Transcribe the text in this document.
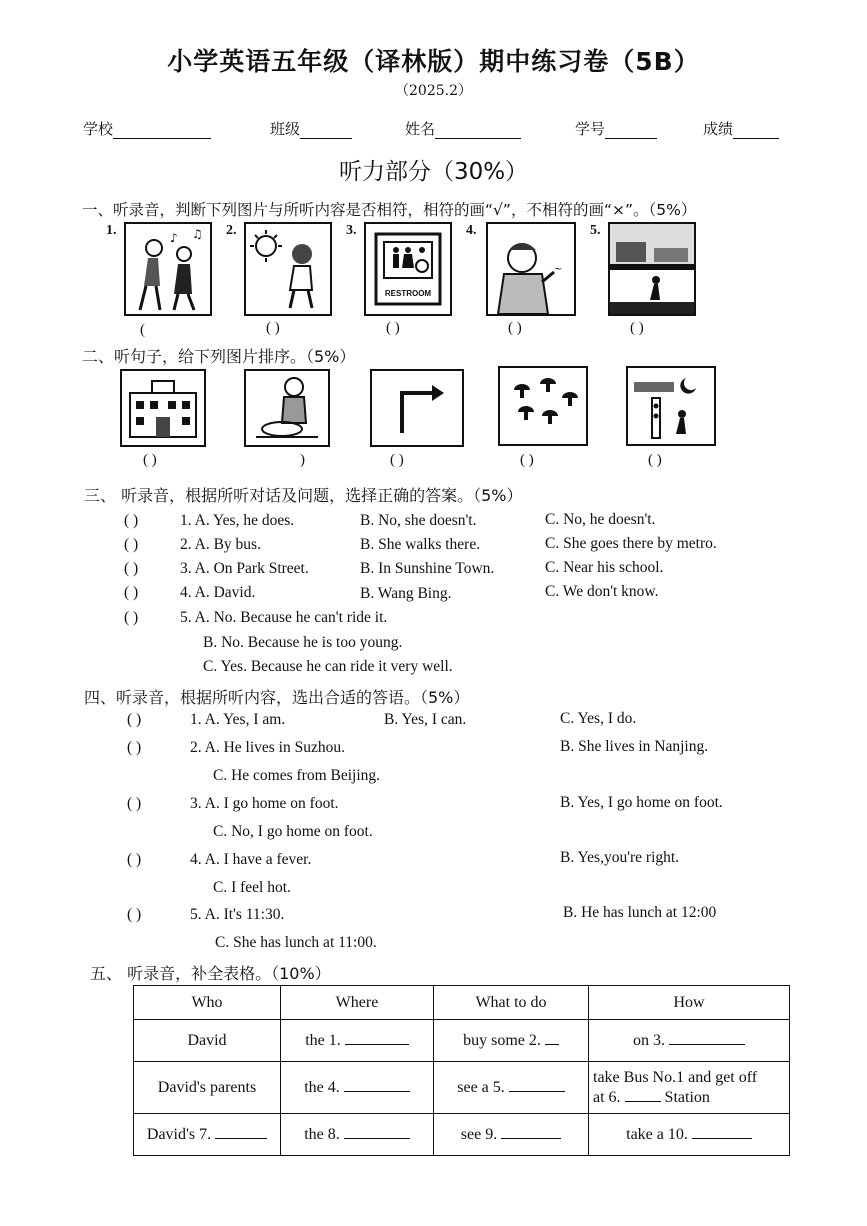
小学英语五年级（译林版）期中练习卷（5B）
（2025.2）
学校	班级	姓名	学号	成绩
听力部分（30%）
一、听录音，判断下列图片与所听内容是否相符，相符的画“√”，不相符的画“×”。（5%）
1.	♪ ♫
(
2.
( )
3.
RESTROOM
( )
4.
~
( )
5.
( )
二、听句子，给下列图片排序。（5%）
( )	)	( )	( )	( )
三、 听录音，根据所听对话及问题，选择正确的答案。（5%）
( )	1. A. Yes, he does.	B. No, she doesn't.	C. No, he doesn't.
( )	2. A. By bus.	B. She walks there.	C. She goes there by metro.
( )	3. A. On Park Street.	B. In Sunshine Town.	C. Near his school.
( )	4. A. David.	B. Wang Bing.	C. We don't know.
( )	5. A. No. Because he can't ride it.
B. No. Because he is too young.
C. Yes. Because he can ride it very well.
四、听录音，根据所听内容，选出合适的答语。（5%）
( )	1. A. Yes, I am.	B. Yes, I can.	C. Yes, I do.
( )	2. A. He lives in Suzhou.	B. She lives in Nanjing.
C. He comes from Beijing.
( )	3. A. I go home on foot.	B. Yes, I go home on foot.
C. No, I go home on foot.
( )	4. A. I have a fever.	B. Yes,you're right.
C. I feel hot.
( )	5. A. It's 11:30.	B. He has lunch at 12:00
C. She has lunch at 11:00.
五、 听录音，补全表格。（10%）
Who	Where	What to do	How
David	the 1.	buy some 2.	on 3.
David's parents	the 4.	see a 5.	take Bus No.1 and get off
at 6. Station

David's 7.	the 8.	see 9.	take a 10.
